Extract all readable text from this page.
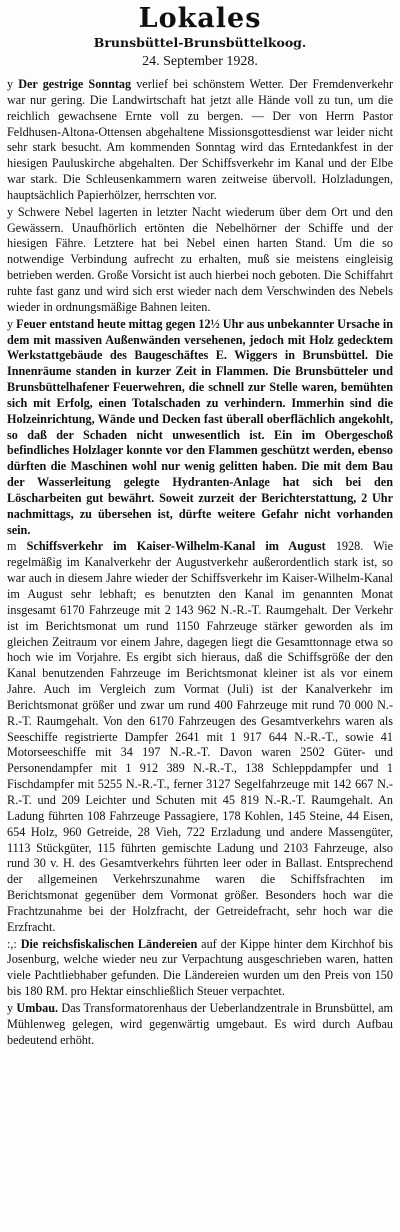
Lokales

Brunsbüttel-Brunsbüttelkoog.

24. September 1928.

y Der gestrige Sonntag verlief bei schönstem Wetter. Der Fremdenverkehr war nur gering. Die Landwirtschaft hat jetzt alle Hände voll zu tun, um die reichlich gewachsene Ernte voll zu bergen. — Der von Herrn Pastor Feldhusen-Altona-Ottensen abgehaltene Missionsgottesdienst war leider nicht sehr stark besucht. Am kommenden Sonntag wird das Erntedankfest in der hiesigen Pauluskirche abgehalten. Der Schiffsverkehr im Kanal und der Elbe war stark. Die Schleusenkammern waren zeitweise übervoll. Holzladungen, hauptsächlich Papierhölzer, herrschten vor.

y Schwere Nebel lagerten in letzter Nacht wiederum über dem Ort und den Gewässern. Unaufhörlich ertönten die Nebelhörner der Schiffe und der hiesigen Fähre. Letztere hat bei Nebel einen harten Stand. Um die so notwendige Verbindung aufrecht zu erhalten, muß sie meistens eingleisig betrieben werden. Große Vorsicht ist auch hierbei noch geboten. Die Schiffahrt ruhte fast ganz und wird sich erst wieder nach dem Verschwinden des Nebels wieder in ordnungsmäßige Bahnen leiten.

y Feuer entstand heute mittag gegen 12½ Uhr aus unbekannter Ursache in dem mit massiven Außenwänden versehenen, jedoch mit Holz gedecktem Werkstattgebäude des Baugeschäftes E. Wiggers in Brunsbüttel. Die Innenräume standen in kurzer Zeit in Flammen. Die Brunsbütteler und Brunsbüttelhafener Feuerwehren, die schnell zur Stelle waren, bemühten sich mit Erfolg, einen Totalschaden zu verhindern. Immerhin sind die Holzeinrichtung, Wände und Decken fast überall oberflächlich angekohlt, so daß der Schaden nicht unwesentlich ist. Ein im Obergeschoß befindliches Holzlager konnte vor den Flammen geschützt werden, ebenso dürften die Maschinen wohl nur wenig gelitten haben. Die mit dem Bau der Wasserleitung gelegte Hydranten-Anlage hat sich bei den Löscharbeiten gut bewährt. Soweit zurzeit der Berichterstattung, 2 Uhr nachmittags, zu übersehen ist, dürfte weitere Gefahr nicht vorhanden sein.

m Schiffsverkehr im Kaiser-Wilhelm-Kanal im August 1928. Wie regelmäßig im Kanalverkehr der Augustverkehr außerordentlich stark ist, so war auch in diesem Jahre wieder der Schiffsverkehr im Kaiser-Wilhelm-Kanal im August sehr lebhaft; es benutzten den Kanal im genannten Monat insgesamt 6170 Fahrzeuge mit 2 143 962 N.-R.-T. Raumgehalt. Der Verkehr ist im Berichtsmonat um rund 1150 Fahrzeuge stärker geworden als im gleichen Zeitraum vor einem Jahre, dagegen liegt die Gesamttonnage etwa so hoch wie im Vorjahre. Es ergibt sich hieraus, daß die Schiffsgröße der den Kanal benutzenden Fahrzeuge im Berichtsmonat kleiner ist als vor einem Jahre. Auch im Vergleich zum Vormat (Juli) ist der Kanalverkehr im Berichtsmonat größer und zwar um rund 400 Fahrzeuge mit rund 70 000 N.-R.-T. Raumgehalt. Von den 6170 Fahrzeugen des Gesamtverkehrs waren als Seeschiffe registrierte Dampfer 2641 mit 1 917 644 N.-R.-T., sowie 41 Motorseeschiffe mit 34 197 N.-R.-T. Davon waren 2502 Güter- und Personendampfer mit 1 912 389 N.-R.-T., 138 Schleppdampfer und 1 Fischdampfer mit 5255 N.-R.-T., ferner 3127 Segelfahrzeuge mit 142 667 N.-R.-T. und 209 Leichter und Schuten mit 45 819 N.-R.-T. Raumgehalt. An Ladung führten 108 Fahrzeuge Passagiere, 178 Kohlen, 145 Steine, 44 Eisen, 654 Holz, 960 Getreide, 28 Vieh, 722 Erzladung und andere Massengüter, 1113 Stückgüter, 115 führten gemischte Ladung und 2103 Fahrzeuge, also rund 30 v. H. des Gesamtverkehrs führten leer oder in Ballast. Entsprechend der allgemeinen Verkehrszunahme waren die Schiffsfrachten im Berichtsmonat gegenüber dem Vormonat größer. Besonders hoch war die Frachtzunahme bei der Holzfracht, der Getreidefracht, sehr hoch war die Erzfracht.

:,: Die reichsfiskalischen Ländereien auf der Kippe hinter dem Kirchhof bis Josenburg, welche wieder neu zur Verpachtung ausgeschrieben waren, hatten viele Pachtliebhaber gefunden. Die Ländereien wurden um den Preis von 150 bis 180 RM. pro Hektar einschließlich Steuer verpachtet.

y Umbau. Das Transformatorenhaus der Ueberlandzentrale in Brunsbüttel, am Mühlenweg gelegen, wird gegenwärtig umgebaut. Es wird durch Aufbau bedeutend erhöht.
